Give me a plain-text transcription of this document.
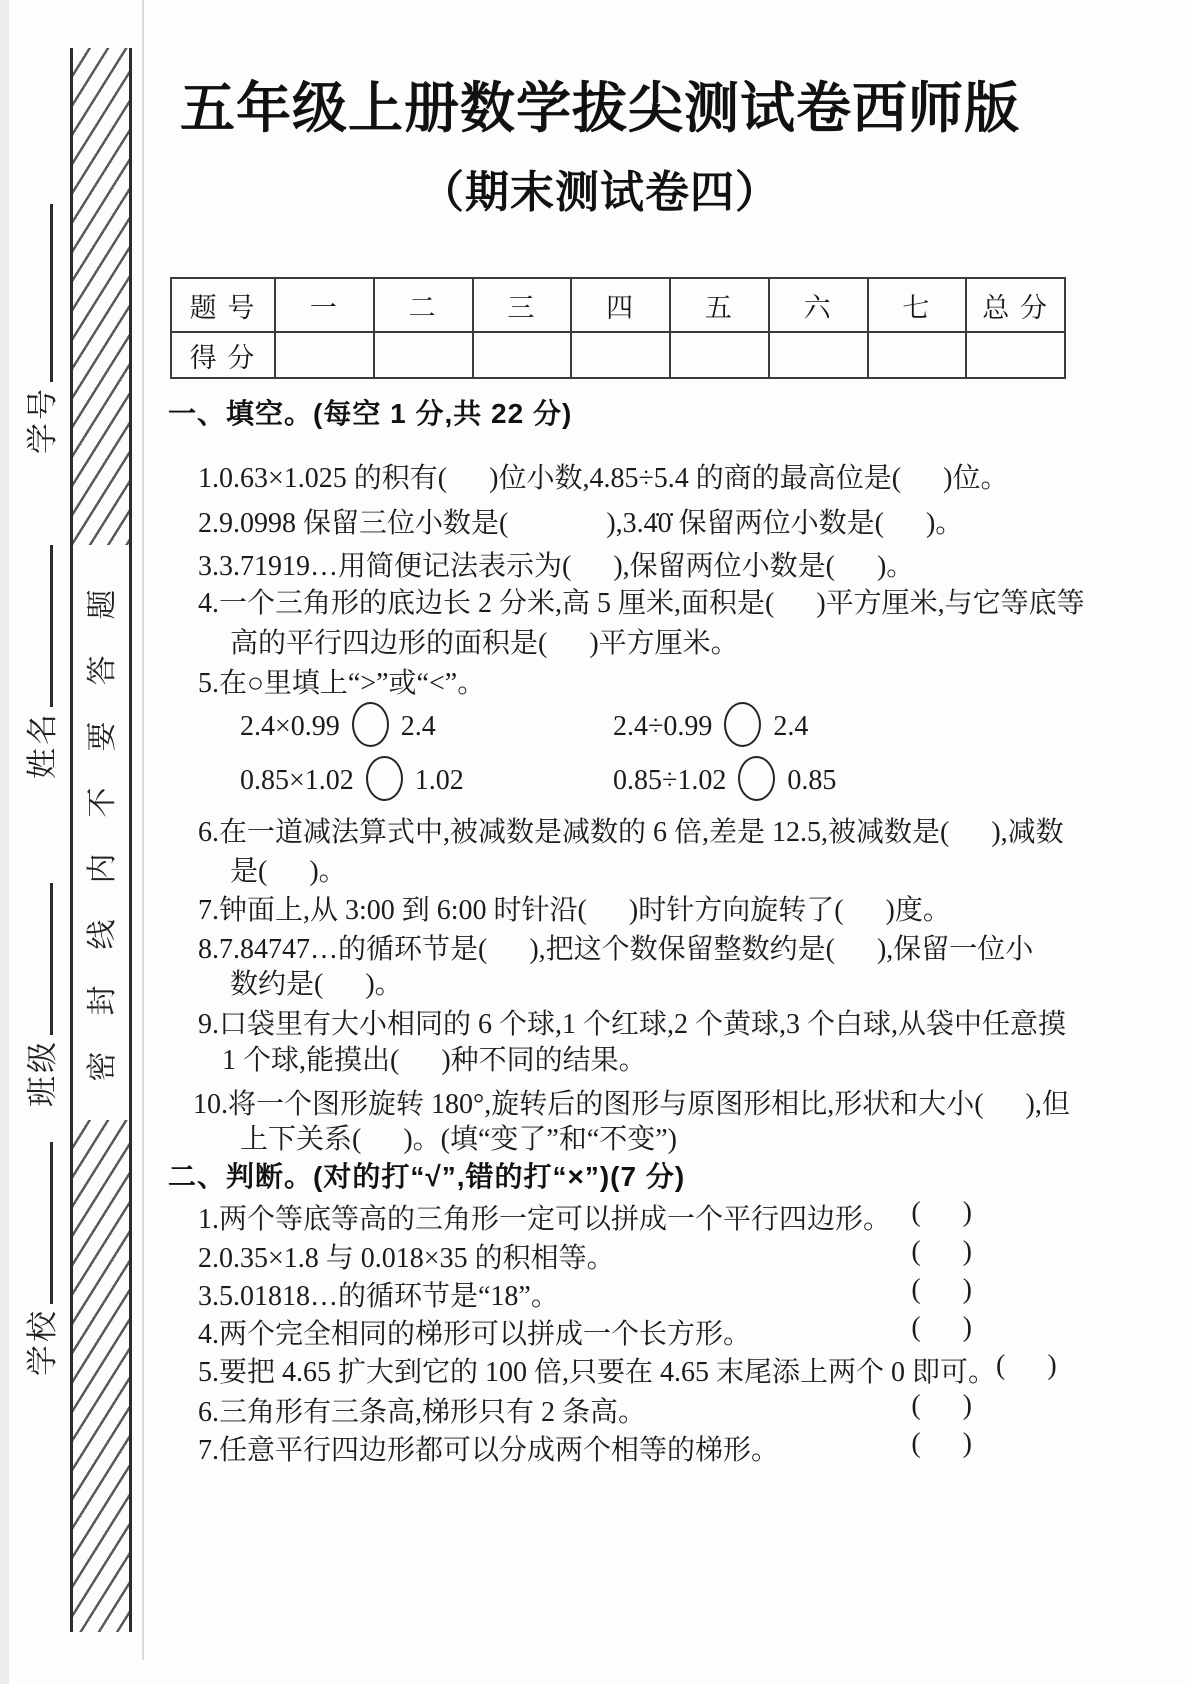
学校
班级
姓名
学号
密封线内不要答题
五年级上册数学拔尖测试卷西师版
（期末测试卷四）
题 号	一	二	三	四	五	六	七	总 分
得 分								
一、填空。(每空 1 分,共 22 分)
1.0.63×1.025 的积有(      )位小数,4.85÷5.4 的商的最高位是(      )位。
2.9.0998 保留三位小数是(              ),3.4̇0̇ 保留两位小数是(      )。
3.3.71919…用简便记法表示为(      ),保留两位小数是(      )。
4.一个三角形的底边长 2 分米,高 5 厘米,面积是(      )平方厘米,与它等底等
高的平行四边形的面积是(      )平方厘米。
5.在○里填上“>”或“<”。
2.4×0.99 2.4	2.4÷0.99 2.4
0.85×1.02 1.02	0.85÷1.02 0.85
6.在一道减法算式中,被减数是减数的 6 倍,差是 12.5,被减数是(      ),减数
是(      )。
7.钟面上,从 3:00 到 6:00 时针沿(      )时针方向旋转了(      )度。
8.7.84747…的循环节是(      ),把这个数保留整数约是(      ),保留一位小
数约是(      )。
9.口袋里有大小相同的 6 个球,1 个红球,2 个黄球,3 个白球,从袋中任意摸
1 个球,能摸出(      )种不同的结果。
10.将一个图形旋转 180°,旋转后的图形与原图形相比,形状和大小(      ),但
上下关系(      )。(填“变了”和“不变”)
二、判断。(对的打“√”,错的打“×”)(7 分)
1.两个等底等高的三角形一定可以拼成一个平行四边形。 (      )
2.0.35×1.8 与 0.018×35 的积相等。	(      )
3.5.01818…的循环节是“18”。	(      )
4.两个完全相同的梯形可以拼成一个长方形。	(      )
5.要把 4.65 扩大到它的 100 倍,只要在 4.65 末尾添上两个 0 即可。 (      )
6.三角形有三条高,梯形只有 2 条高。	(      )
7.任意平行四边形都可以分成两个相等的梯形。	(      )
